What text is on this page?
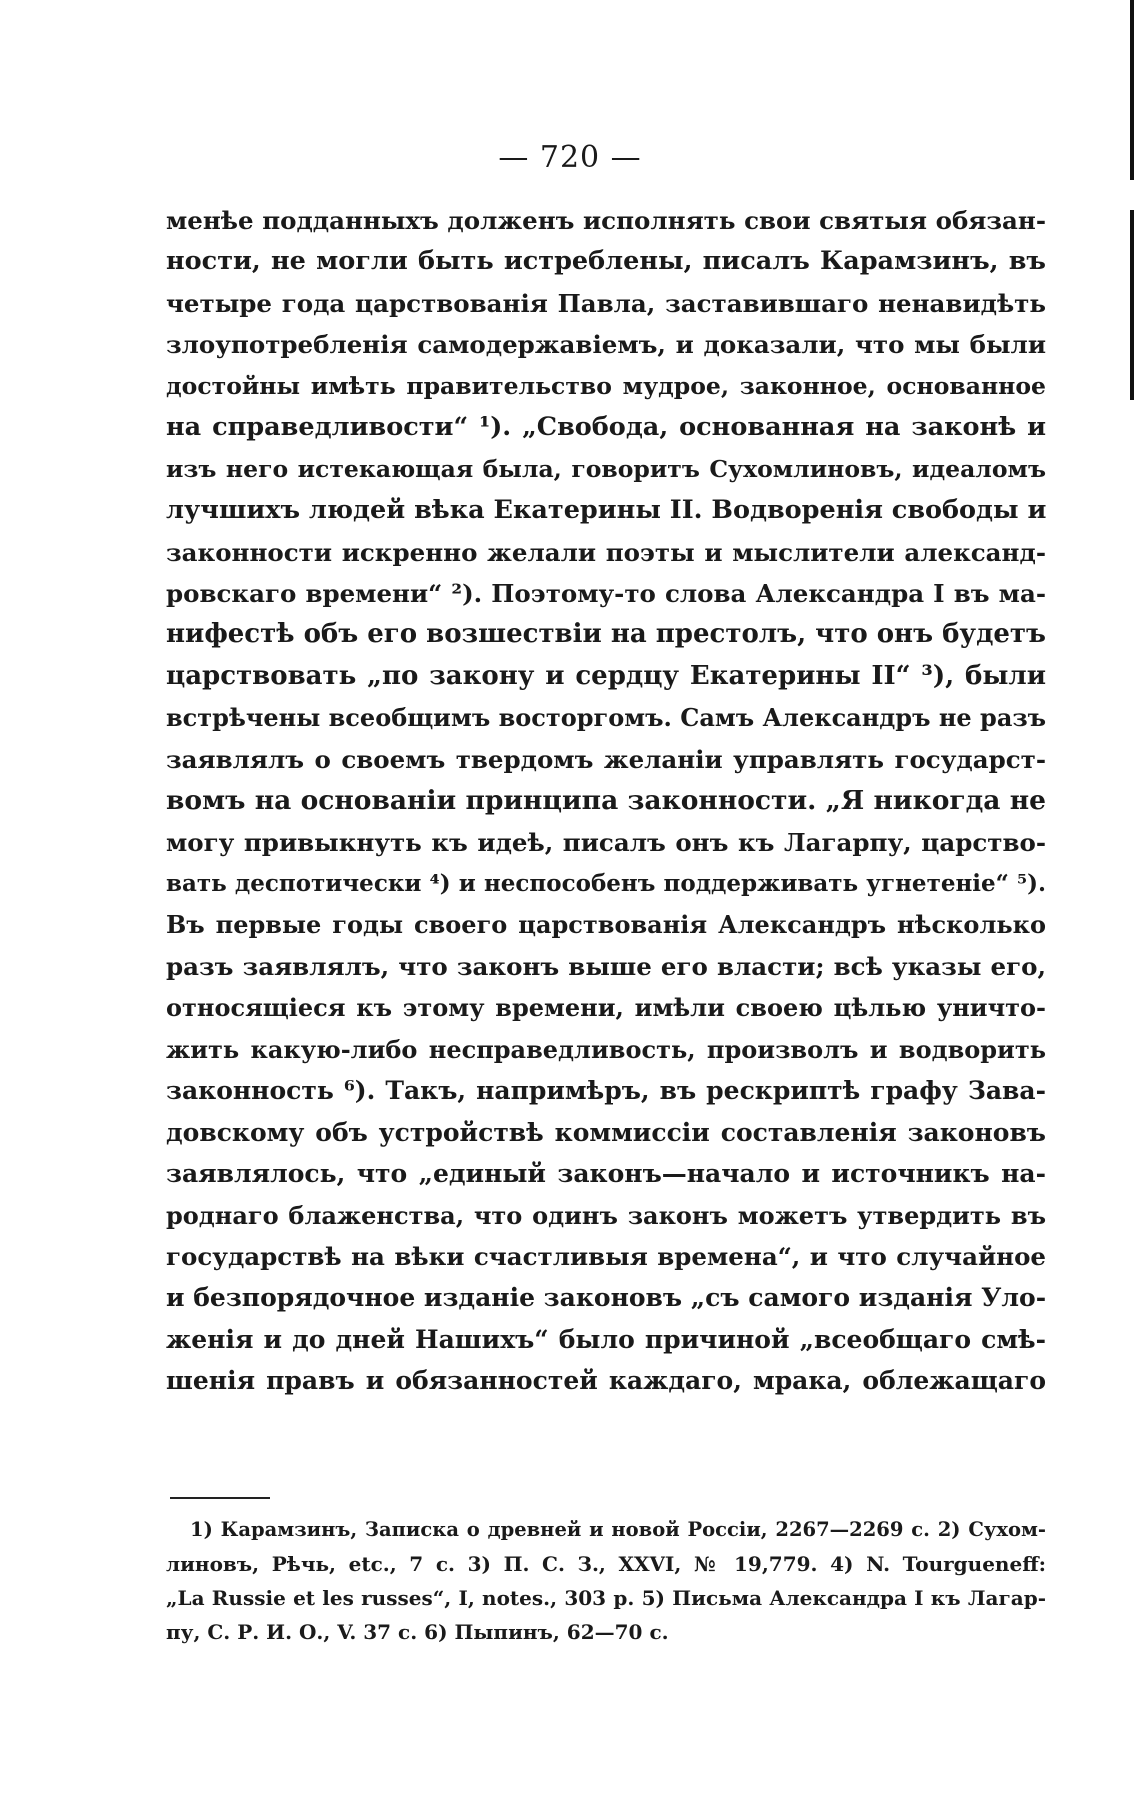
— 720 —
менѣе подданныхъ долженъ исполнять свои святыя обязан-
ности, не могли быть истреблены, писалъ Карамзинъ, въ
четыре года царствованія Павла, заставившаго ненавидѣть
злоупотребленія самодержавіемъ, и доказали, что мы были
достойны имѣть правительство мудрое, законное, основанное
на справедливости“ ¹). „Свобода, основанная на законѣ и
изъ него истекающая была, говоритъ Сухомлиновъ, идеаломъ
лучшихъ людей вѣка Екатерины II. Водворенія свободы и
законности искренно желали поэты и мыслители александ-
ровскаго времени“ ²). Поэтому-то слова Александра I въ ма-
нифестѣ объ его возшествіи на престолъ, что онъ будетъ
царствовать „по закону и сердцу Екатерины II“ ³), были
встрѣчены всеобщимъ восторгомъ. Самъ Александръ не разъ
заявлялъ о своемъ твердомъ желаніи управлять государст-
вомъ на основаніи принципа законности. „Я никогда не
могу привыкнуть къ идеѣ, писалъ онъ къ Лагарпу, царство-
вать деспотически ⁴) и неспособенъ поддерживать угнетеніе“ ⁵).
Въ первые годы своего царствованія Александръ нѣсколько
разъ заявлялъ, что законъ выше его власти; всѣ указы его,
относящіеся къ этому времени, имѣли своею цѣлью уничто-
жить какую-либо несправедливость, произволъ и водворить
законность ⁶). Такъ, напримѣръ, въ рескриптѣ графу Зава-
довскому объ устройствѣ коммиссіи составленія законовъ
заявлялось, что „единый законъ—начало и источникъ на-
роднаго блаженства, что одинъ законъ можетъ утвердить въ
государствѣ на вѣки счастливыя времена“, и что случайное
и безпорядочное изданіе законовъ „съ самого изданія Уло-
женія и до дней Нашихъ“ было причиной „всеобщаго смѣ-
шенія правъ и обязанностей каждаго, мрака, облежащаго
1) Карамзинъ, Записка о древней и новой Россіи, 2267—2269 с. 2) Сухом-
линовъ, Рѣчь, etc., 7 с. 3) П. С. З., XXVI, № 19,779. 4) N. Tourgueneff:
„La Russie et les russes“, I, notes., 303 р. 5) Письма Александра I къ Лагар-
пу, С. Р. И. О., V. 37 с. 6) Пыпинъ, 62—70 с.
